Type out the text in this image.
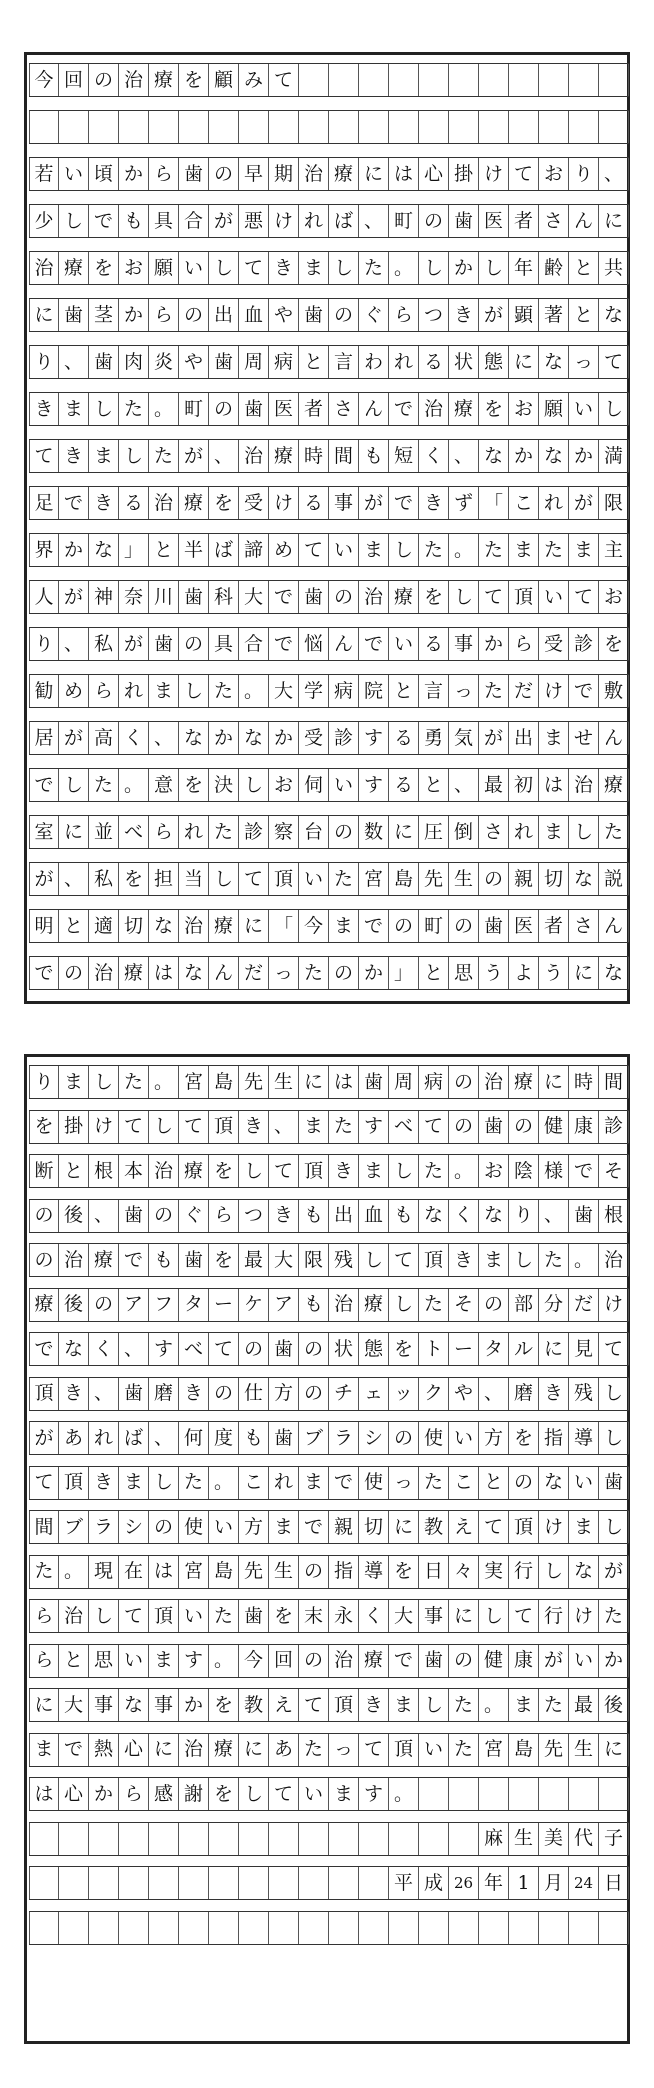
今 回 の 治 療 を 顧 み て
若 い 頃 か ら 歯 の 早 期 治 療 に は 心 掛 け て お り 、
少 し で も 具 合 が 悪 け れ ば 、 町 の 歯 医 者 さ ん に
治 療 を お 願 い し て き ま し た 。 し か し 年 齢 と 共
に 歯 茎 か ら の 出 血 や 歯 の ぐ ら つ き が 顕 著 と な
り 、 歯 肉 炎 や 歯 周 病 と 言 わ れ る 状 態 に な っ て
き ま し た 。 町 の 歯 医 者 さ ん で 治 療 を お 願 い し
て き ま し た が 、 治 療 時 間 も 短 く 、 な か な か 満
足 で き る 治 療 を 受 け る 事 が で き ず 「 こ れ が 限
界 か な 」 と 半 ば 諦 め て い ま し た 。 た ま た ま 主
人 が 神 奈 川 歯 科 大 で 歯 の 治 療 を し て 頂 い て お
り 、 私 が 歯 の 具 合 で 悩 ん で い る 事 か ら 受 診 を
勧 め ら れ ま し た 。 大 学 病 院 と 言 っ た だ け で 敷
居 が 高 く 、 な か な か 受 診 す る 勇 気 が 出 ま せ ん
で し た 。 意 を 決 し お 伺 い す る と 、 最 初 は 治 療
室 に 並 べ ら れ た 診 察 台 の 数 に 圧 倒 さ れ ま し た
が 、 私 を 担 当 し て 頂 い た 宮 島 先 生 の 親 切 な 説
明 と 適 切 な 治 療 に 「 今 ま で の 町 の 歯 医 者 さ ん
で の 治 療 は な ん だ っ た の か 」 と 思 う よ う に な
り ま し た 。 宮 島 先 生 に は 歯 周 病 の 治 療 に 時 間
を 掛 け て し て 頂 き 、 ま た す べ て の 歯 の 健 康 診
断 と 根 本 治 療 を し て 頂 き ま し た 。 お 陰 様 で そ
の 後 、 歯 の ぐ ら つ き も 出 血 も な く な り 、 歯 根
の 治 療 で も 歯 を 最 大 限 残 し て 頂 き ま し た 。 治
療 後 の ア フ タ ー ケ ア も 治 療 し た そ の 部 分 だ け
で な く 、 す べ て の 歯 の 状 態 を ト ー タ ル に 見 て
頂 き 、 歯 磨 き の 仕 方 の チ ェ ッ ク や 、 磨 き 残 し
が あ れ ば 、 何 度 も 歯 ブ ラ シ の 使 い 方 を 指 導 し
て 頂 き ま し た 。 こ れ ま で 使 っ た こ と の な い 歯
間 ブ ラ シ の 使 い 方 ま で 親 切 に 教 え て 頂 け ま し
た 。 現 在 は 宮 島 先 生 の 指 導 を 日 々 実 行 し な が
ら 治 し て 頂 い た 歯 を 末 永 く 大 事 に し て 行 け た
ら と 思 い ま す 。 今 回 の 治 療 で 歯 の 健 康 が い か
に 大 事 な 事 か を 教 え て 頂 き ま し た 。 ま た 最 後
ま で 熱 心 に 治 療 に あ た っ て 頂 い た 宮 島 先 生 に
は 心 か ら 感 謝 を し て い ま す 。
麻 生 美 代 子
平 成 26 年 1 月 24 日
